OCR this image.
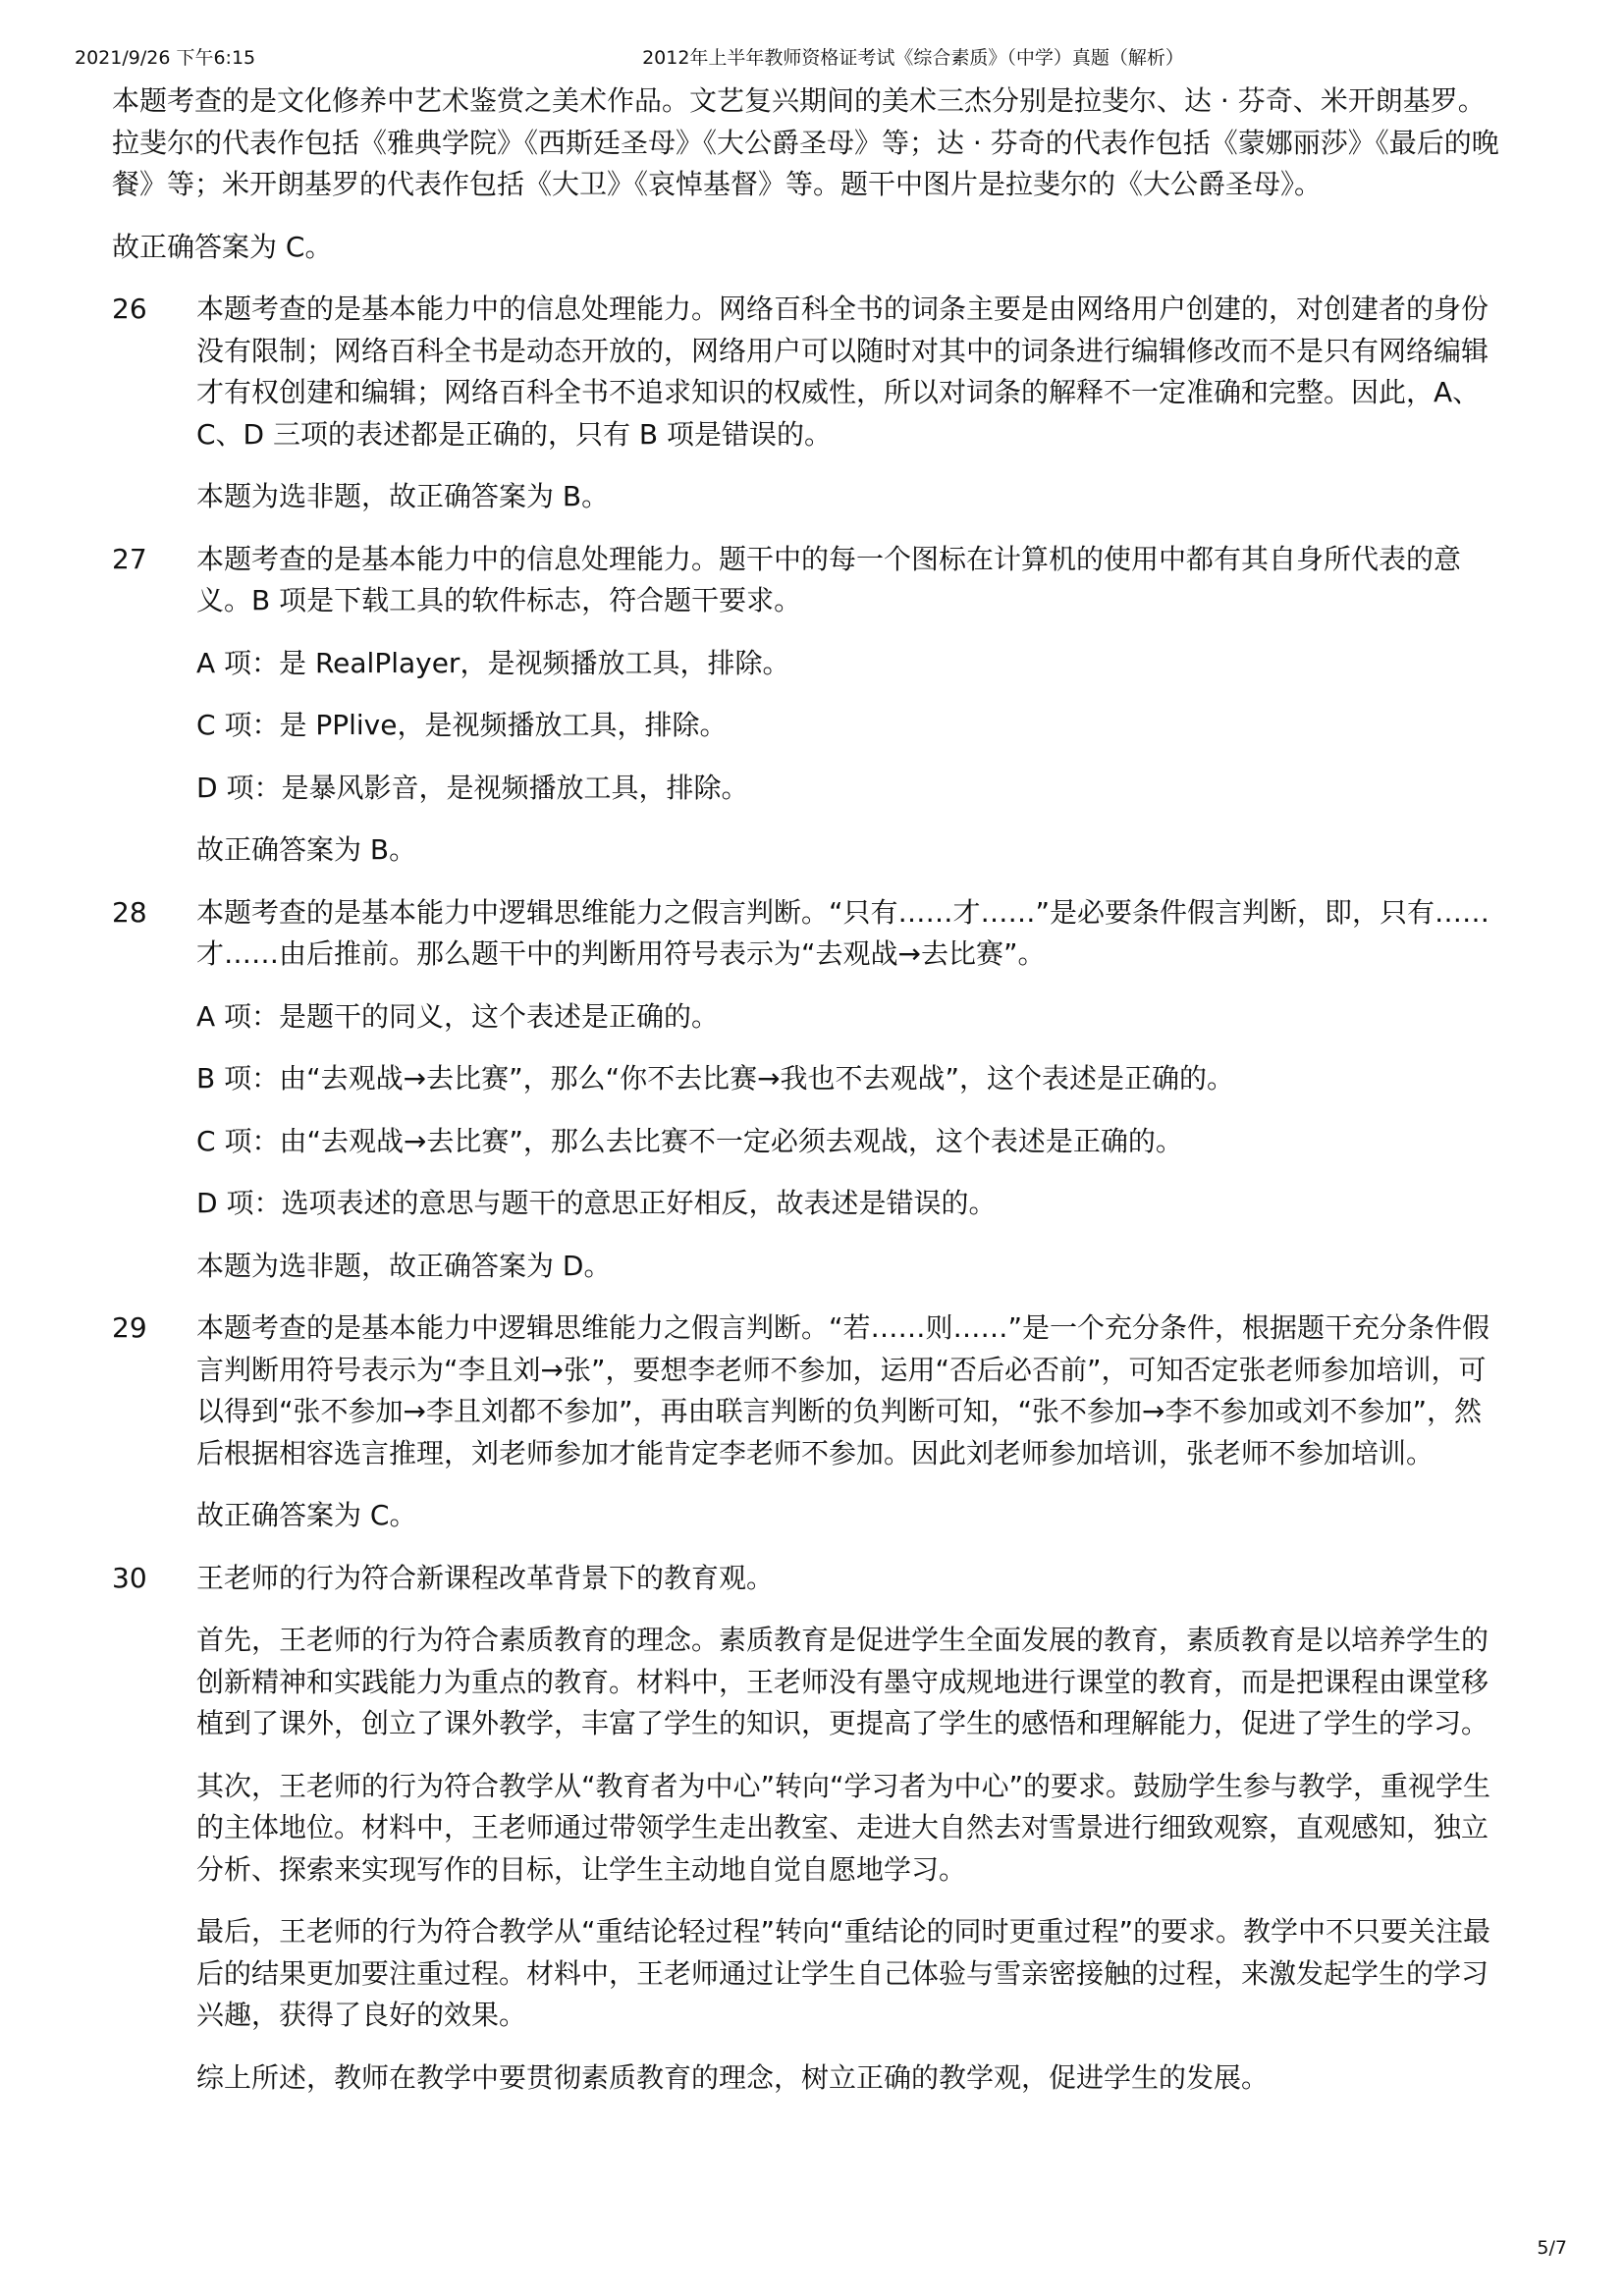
2021/9/26 下午6:15	2012年上半年教师资格证考试《综合素质》（中学）真题（解析）

本题考查的是文化修养中艺术鉴赏之美术作品。文艺复兴期间的美术三杰分别是拉斐尔、达 · 芬奇、米开朗基罗。拉斐尔的代表作包括《雅典学院》《西斯廷圣母》《大公爵圣母》等；达 · 芬奇的代表作包括《蒙娜丽莎》《最后的晚餐》等；米开朗基罗的代表作包括《大卫》《哀悼基督》等。题干中图片是拉斐尔的《大公爵圣母》。

故正确答案为 C。

26	本题考查的是基本能力中的信息处理能力。网络百科全书的词条主要是由网络用户创建的，对创建者的身份没有限制；网络百科全书是动态开放的，网络用户可以随时对其中的词条进行编辑修改而不是只有网络编辑才有权创建和编辑；网络百科全书不追求知识的权威性，所以对词条的解释不一定准确和完整。因此，A、C、D 三项的表述都是正确的，只有 B 项是错误的。

本题为选非题，故正确答案为 B。

27	本题考查的是基本能力中的信息处理能力。题干中的每一个图标在计算机的使用中都有其自身所代表的意义。B 项是下载工具的软件标志，符合题干要求。

A 项：是 RealPlayer，是视频播放工具，排除。

C 项：是 PPlive，是视频播放工具，排除。

D 项：是暴风影音，是视频播放工具，排除。

故正确答案为 B。

28	本题考查的是基本能力中逻辑思维能力之假言判断。“只有……才……”是必要条件假言判断，即，只有……才……由后推前。那么题干中的判断用符号表示为“去观战→去比赛”。

A 项：是题干的同义，这个表述是正确的。

B 项：由“去观战→去比赛”，那么“你不去比赛→我也不去观战”，这个表述是正确的。

C 项：由“去观战→去比赛”，那么去比赛不一定必须去观战，这个表述是正确的。

D 项：选项表述的意思与题干的意思正好相反，故表述是错误的。

本题为选非题，故正确答案为 D。

29	本题考查的是基本能力中逻辑思维能力之假言判断。“若……则……”是一个充分条件，根据题干充分条件假言判断用符号表示为“李且刘→张”，要想李老师不参加，运用“否后必否前”，可知否定张老师参加培训，可以得到“张不参加→李且刘都不参加”，再由联言判断的负判断可知，“张不参加→李不参加或刘不参加”，然后根据相容选言推理，刘老师参加才能肯定李老师不参加。因此刘老师参加培训，张老师不参加培训。

故正确答案为 C。

30	王老师的行为符合新课程改革背景下的教育观。

首先，王老师的行为符合素质教育的理念。素质教育是促进学生全面发展的教育，素质教育是以培养学生的创新精神和实践能力为重点的教育。材料中，王老师没有墨守成规地进行课堂的教育，而是把课程由课堂移植到了课外，创立了课外教学，丰富了学生的知识，更提高了学生的感悟和理解能力，促进了学生的学习。

其次，王老师的行为符合教学从“教育者为中心”转向“学习者为中心”的要求。鼓励学生参与教学，重视学生的主体地位。材料中，王老师通过带领学生走出教室、走进大自然去对雪景进行细致观察，直观感知，独立分析、探索来实现写作的目标，让学生主动地自觉自愿地学习。

最后，王老师的行为符合教学从“重结论轻过程”转向“重结论的同时更重过程”的要求。教学中不只要关注最后的结果更加要注重过程。材料中，王老师通过让学生自己体验与雪亲密接触的过程，来激发起学生的学习兴趣，获得了良好的效果。

综上所述，教师在教学中要贯彻素质教育的理念，树立正确的教学观，促进学生的发展。

5/7
